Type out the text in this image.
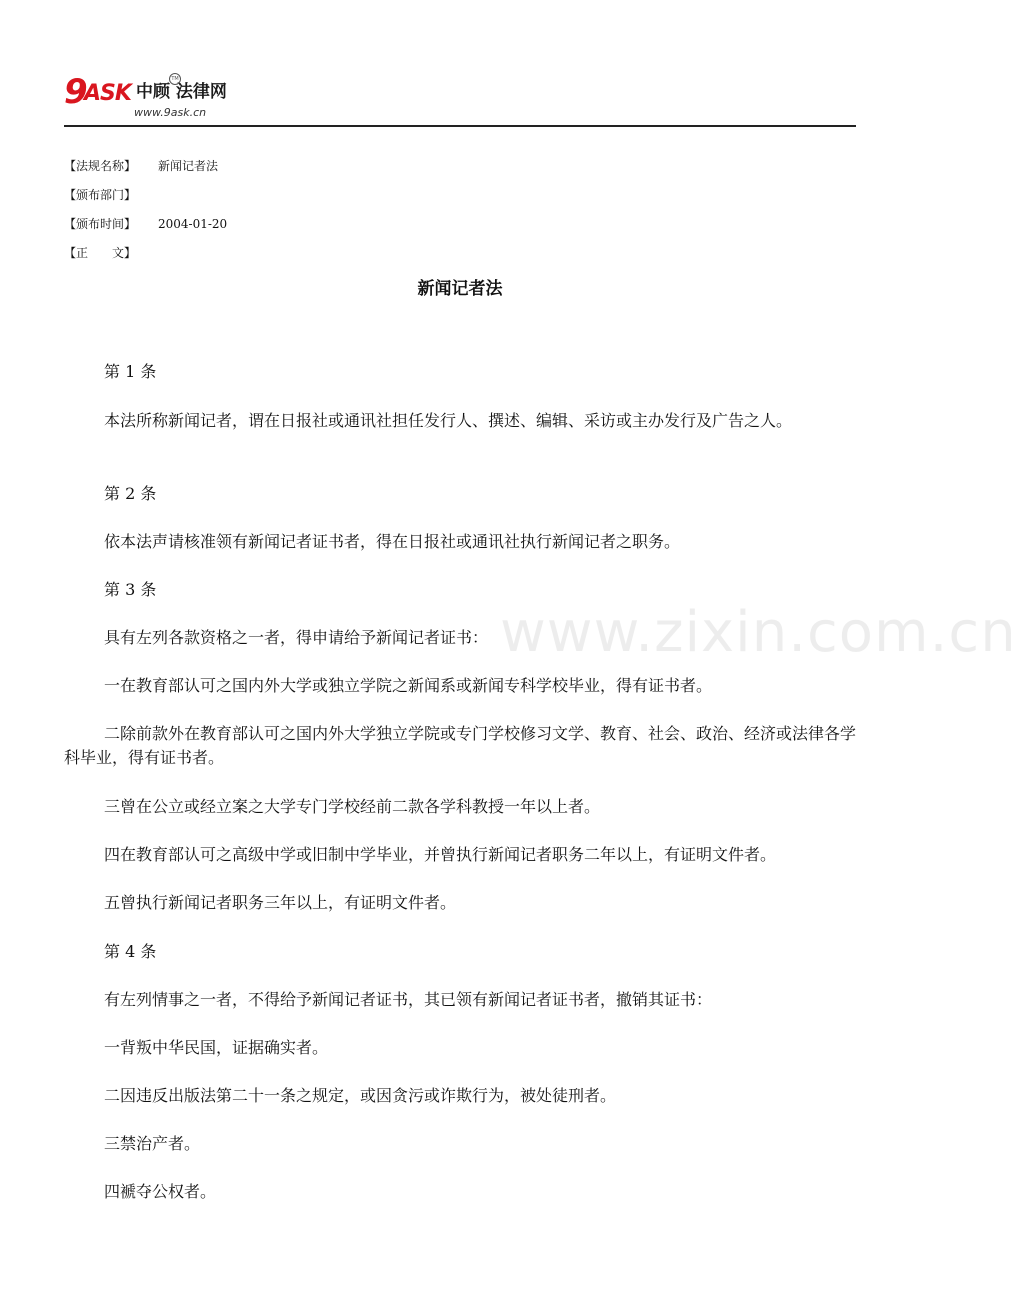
9
ASK 中顾 法律网
TM
www.9ask.cn
【法规名称】 新闻记者法
【颁布部门】
【颁布时间】 2004-01-20
【正　　文】
新闻记者法
www.zixin.com.cn

第 1 条

本法所称新闻记者，谓在日报社或通讯社担任发行人、撰述、编辑、采访或主办发行及广告之人。

第 2 条

依本法声请核准领有新闻记者证书者，得在日报社或通讯社执行新闻记者之职务。

第 3 条

具有左列各款资格之一者，得申请给予新闻记者证书：

一在教育部认可之国内外大学或独立学院之新闻系或新闻专科学校毕业，得有证书者。

二除前款外在教育部认可之国内外大学独立学院或专门学校修习文学、教育、社会、政治、经济或法律各学科毕业，得有证书者。

三曾在公立或经立案之大学专门学校经前二款各学科教授一年以上者。

四在教育部认可之高级中学或旧制中学毕业，并曾执行新闻记者职务二年以上，有证明文件者。

五曾执行新闻记者职务三年以上，有证明文件者。

第 4 条

有左列情事之一者，不得给予新闻记者证书，其已领有新闻记者证书者，撤销其证书：

一背叛中华民国，证据确实者。

二因违反出版法第二十一条之规定，或因贪污或诈欺行为，被处徒刑者。

三禁治产者。

四褫夺公权者。
